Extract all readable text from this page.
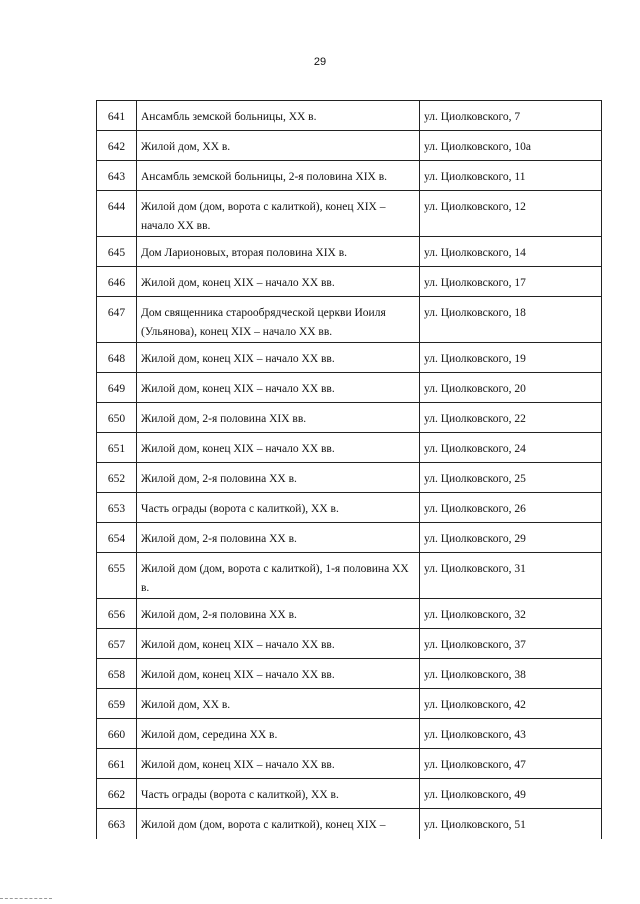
29
641	Ансамбль земской больницы, XX в.	ул. Циолковского, 7
642	Жилой дом, XX в.	ул. Циолковского, 10а
643	Ансамбль земской больницы, 2-я половина XIX в.	ул. Циолковского, 11
644	Жилой дом (дом, ворота с калиткой), конец XIX – начало XX вв.	ул. Циолковского, 12
645	Дом Ларионовых, вторая половина XIX в.	ул. Циолковского, 14
646	Жилой дом, конец XIX – начало XX вв.	ул. Циолковского, 17
647	Дом священника старообрядческой церкви Иоиля (Ульянова), конец XIX – начало XX вв.	ул. Циолковского, 18
648	Жилой дом, конец XIX – начало XX вв.	ул. Циолковского, 19
649	Жилой дом, конец XIX – начало XX вв.	ул. Циолковского, 20
650	Жилой дом, 2-я половина XIX вв.	ул. Циолковского, 22
651	Жилой дом, конец XIX – начало XX вв.	ул. Циолковского, 24
652	Жилой дом, 2-я половина XX в.	ул. Циолковского, 25
653	Часть ограды (ворота с калиткой), XX в.	ул. Циолковского, 26
654	Жилой дом, 2-я половина XX в.	ул. Циолковского, 29
655	Жилой дом (дом, ворота с калиткой), 1-я половина XX в.	ул. Циолковского, 31
656	Жилой дом, 2-я половина XX в.	ул. Циолковского, 32
657	Жилой дом, конец XIX – начало XX вв.	ул. Циолковского, 37
658	Жилой дом, конец XIX – начало XX вв.	ул. Циолковского, 38
659	Жилой дом, XX в.	ул. Циолковского, 42
660	Жилой дом, середина XX в.	ул. Циолковского, 43
661	Жилой дом, конец XIX – начало XX вв.	ул. Циолковского, 47
662	Часть ограды (ворота с калиткой), XX в.	ул. Циолковского, 49
663	Жилой дом (дом, ворота с калиткой), конец XIX –	ул. Циолковского, 51
